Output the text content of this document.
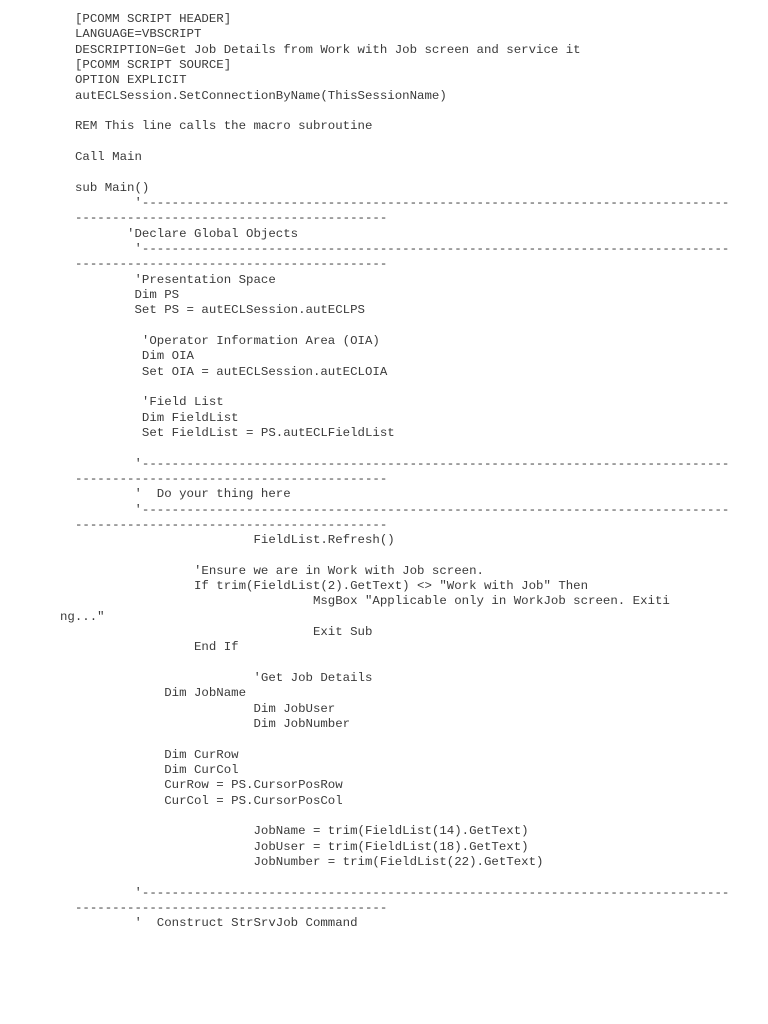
[PCOMM SCRIPT HEADER]
LANGUAGE=VBSCRIPT
DESCRIPTION=Get Job Details from Work with Job screen and service it
[PCOMM SCRIPT SOURCE]
OPTION EXPLICIT
autECLSession.SetConnectionByName(ThisSessionName)
REM This line calls the macro subroutine
Call Main
sub Main()
'-------------------------------------------------------------------------------
------------------------------------------
'Declare Global Objects
'-------------------------------------------------------------------------------
------------------------------------------
'Presentation Space
Dim PS
Set PS = autECLSession.autECLPS
'Operator Information Area (OIA)
Dim OIA
Set OIA = autECLSession.autECLOIA
'Field List
Dim FieldList
Set FieldList = PS.autECLFieldList
'-------------------------------------------------------------------------------
------------------------------------------
'  Do your thing here
'-------------------------------------------------------------------------------
------------------------------------------
FieldList.Refresh()
'Ensure we are in Work with Job screen.
If trim(FieldList(2).GetText) <> "Work with Job" Then
MsgBox "Applicable only in WorkJob screen. Exiti
ng..."
Exit Sub
End If
'Get Job Details
Dim JobName
Dim JobUser
Dim JobNumber
Dim CurRow
Dim CurCol
CurRow = PS.CursorPosRow
CurCol = PS.CursorPosCol
JobName = trim(FieldList(14).GetText)
JobUser = trim(FieldList(18).GetText)
JobNumber = trim(FieldList(22).GetText)
'-------------------------------------------------------------------------------
------------------------------------------
'  Construct StrSrvJob Command
